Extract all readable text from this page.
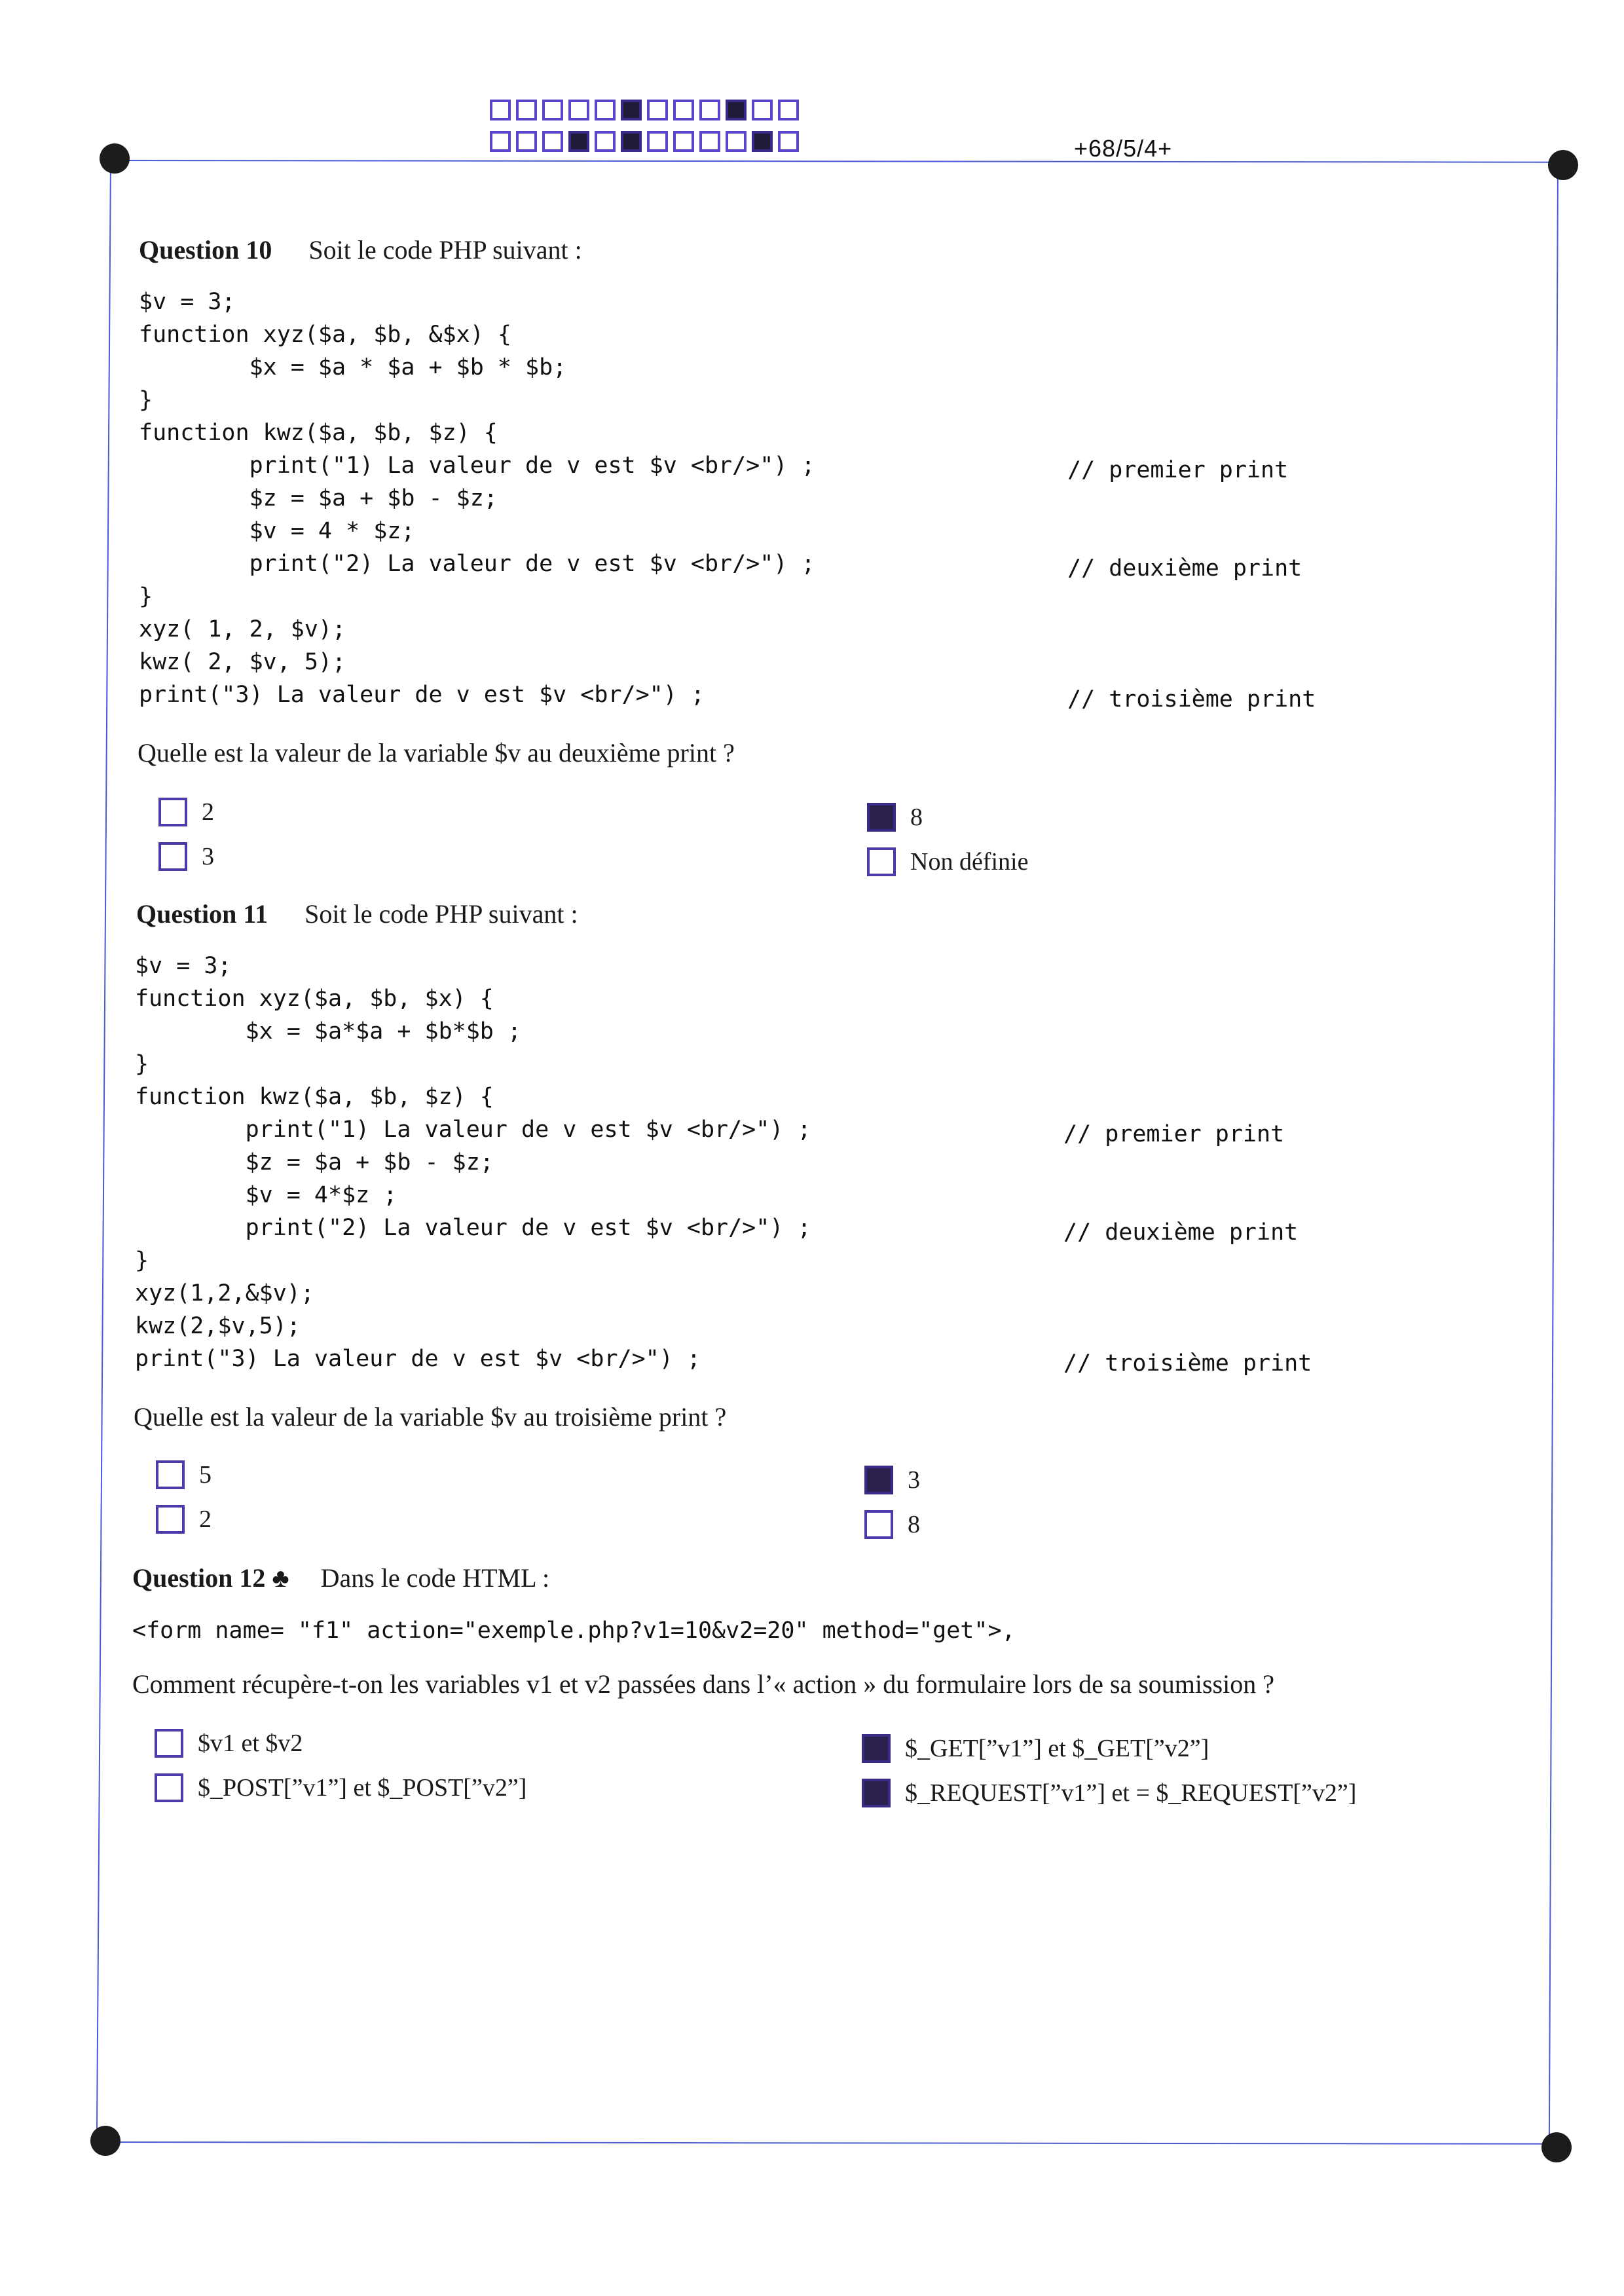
+68/5/4+
Question 10 Soit le code PHP suivant :
$v = 3;
function xyz($a, $b, &$x) {
$x = $a * $a + $b * $b;
}
function kwz($a, $b, $z) {
print("1) La valeur de v est $v <br/>") ;
$z = $a + $b - $z;
$v = 4 * $z;
print("2) La valeur de v est $v <br/>") ;
}
xyz( 1, 2, $v);
kwz( 2, $v, 5);
print("3) La valeur de v est $v <br/>") ;
// premier print
// deuxième print
// troisième print
Quelle est la valeur de la variable $v au deuxième print ?
2
3
8
Non définie
Question 11 Soit le code PHP suivant :
$v = 3;
function xyz($a, $b, $x) {
$x = $a*$a + $b*$b ;
}
function kwz($a, $b, $z) {
print("1) La valeur de v est $v <br/>") ;
$z = $a + $b - $z;
$v = 4*$z ;
print("2) La valeur de v est $v <br/>") ;
}
xyz(1,2,&$v);
kwz(2,$v,5);
print("3) La valeur de v est $v <br/>") ;
// premier print
// deuxième print
// troisième print
Quelle est la valeur de la variable $v au troisième print ?
5
2
3
8
Question 12 ♣ Dans le code HTML :
<form name= "f1" action="exemple.php?v1=10&v2=20" method="get">,
Comment récupère-t-on les variables v1 et v2 passées dans l’« action » du formulaire lors de sa soumission ?
$v1 et $v2
$_POST[”v1”] et $_POST[”v2”]
$_GET[”v1”] et $_GET[”v2”]
$_REQUEST[”v1”] et = $_REQUEST[”v2”]
